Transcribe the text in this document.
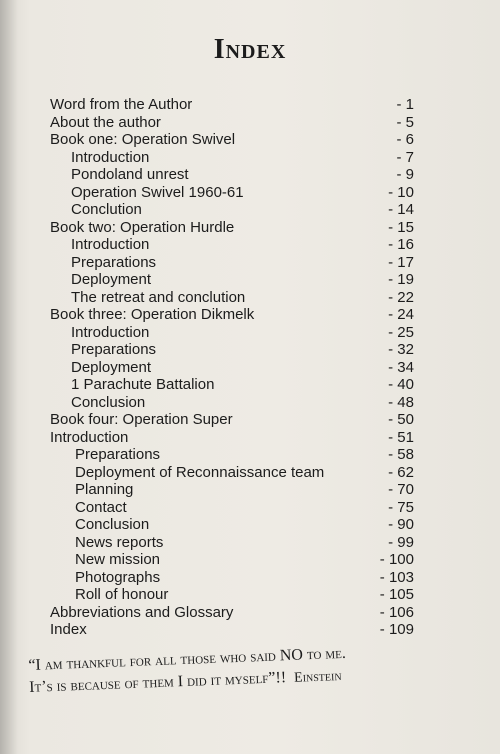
Index
Word from the Author	- 1
About the author	- 5
Book one: Operation Swivel	- 6
Introduction	- 7
Pondoland unrest	- 9
Operation Swivel 1960-61	- 10
Conclution	- 14
Book two: Operation Hurdle	- 15
Introduction	- 16
Preparations	- 17
Deployment	- 19
The retreat and conclution	- 22
Book three: Operation Dikmelk	- 24
Introduction	- 25
Preparations	- 32
Deployment	- 34
1 Parachute Battalion	- 40
Conclusion	- 48
Book four: Operation Super	- 50
Introduction	- 51
Preparations	- 58
Deployment of Reconnaissance team	- 62
Planning	- 70
Contact	- 75
Conclusion	- 90
News reports	- 99
New mission	- 100
Photographs	- 103
Roll of honour	- 105
Abbreviations and Glossary	- 106
Index	- 109
“I am thankful for all those who said NO to me.
It’s is because of them I did it myself”!! Einstein
